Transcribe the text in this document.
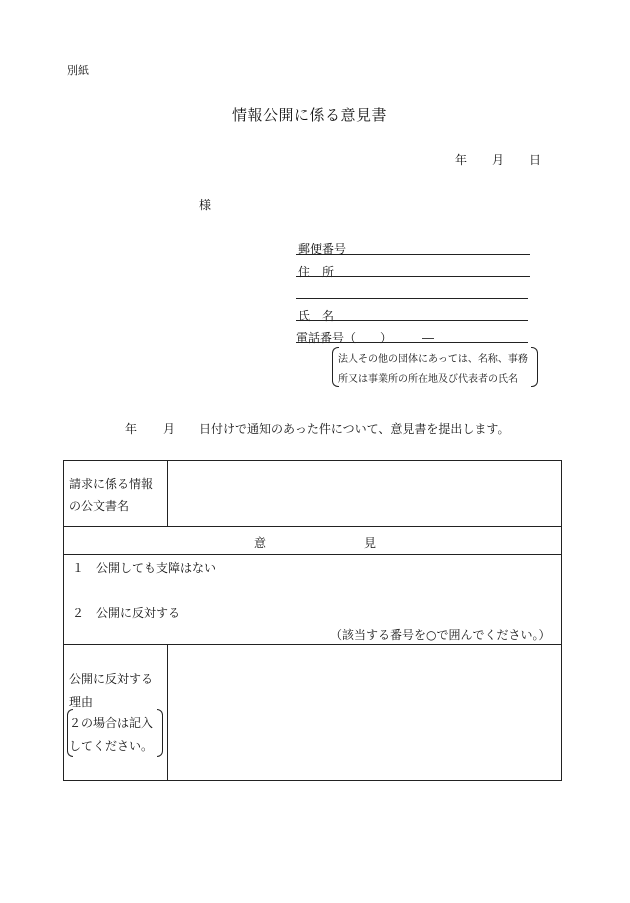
別紙
情報公開に係る意見書
年 月 日
様
郵便番号
住　所
氏　名
電話番号（　　）　　　―
法人その他の団体にあっては、名称、事務
所又は事業所の所在地及び代表者の氏名
年 月 日付けで通知のあった件について、意見書を提出します。
請求に係る情報
の公文書名
意	見
１　公開しても支障はない
２　公開に反対する
（該当する番号を○で囲んでください。）
公開に反対する
理由
２の場合は記入
してください。
